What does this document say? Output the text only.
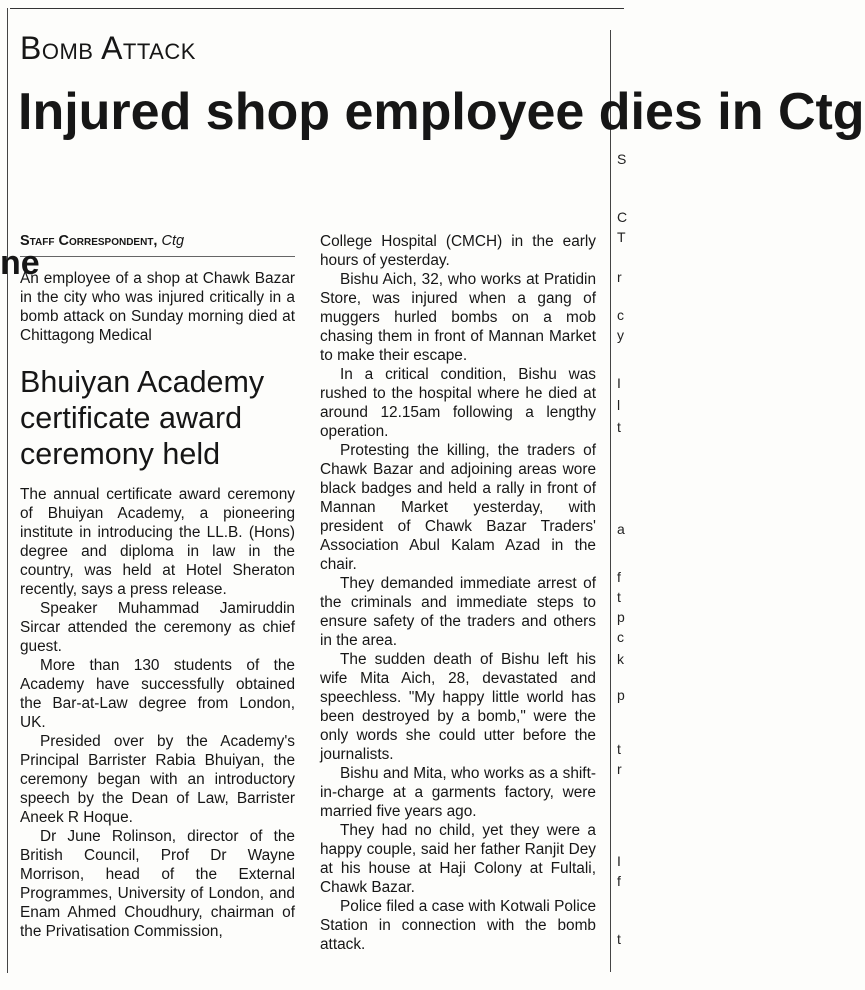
Bomb Attack
Injured shop employee dies in Ctg
Staff Correspondent, Ctg

An employee of a shop at Chawk Bazar in the city who was injured critically in a bomb attack on Sunday morning died at Chittagong Medical

ne

College Hospital (CMCH) in the early hours of yesterday.

Bishu Aich, 32, who works at Pratidin Store, was injured when a gang of muggers hurled bombs on a mob chasing them in front of Mannan Market to make their escape.

In a critical condition, Bishu was rushed to the hospital where he died at around 12.15am following a lengthy operation.

Protesting the killing, the traders of Chawk Bazar and adjoining areas wore black badges and held a rally in front of Mannan Market yesterday, with president of Chawk Bazar Traders' Association Abul Kalam Azad in the chair.

They demanded immediate arrest of the criminals and immediate steps to ensure safety of the traders and others in the area.

The sudden death of Bishu left his wife Mita Aich, 28, devastated and speechless. "My happy little world has been destroyed by a bomb," were the only words she could utter before the journalists.

Bishu and Mita, who works as a shift-in-charge at a garments factory, were married five years ago.

They had no child, yet they were a happy couple, said her father Ranjit Dey at his house at Haji Colony at Fultali, Chawk Bazar.

Police filed a case with Kotwali Police Station in connection with the bomb attack.

Bhuiyan Academy certificate award ceremony held

The annual certificate award ceremony of Bhuiyan Academy, a pioneering institute in introducing the LL.B. (Hons) degree and diploma in law in the country, was held at Hotel Sheraton recently, says a press release.

Speaker Muhammad Jamiruddin Sircar attended the ceremony as chief guest.

More than 130 students of the Academy have successfully obtained the Bar-at-Law degree from London, UK.

Presided over by the Academy's Principal Barrister Rabia Bhuiyan, the ceremony began with an introductory speech by the Dean of Law, Barrister Aneek R Hoque.

Dr June Rolinson, director of the British Council, Prof Dr Wayne Morrison, head of the External Programmes, University of London, and Enam Ahmed Choudhury, chairman of the Privatisation Commission,

S
C
T
r
c
y
I
l
t
a
f
t
p
c
k
p
t
r
I
f
t
